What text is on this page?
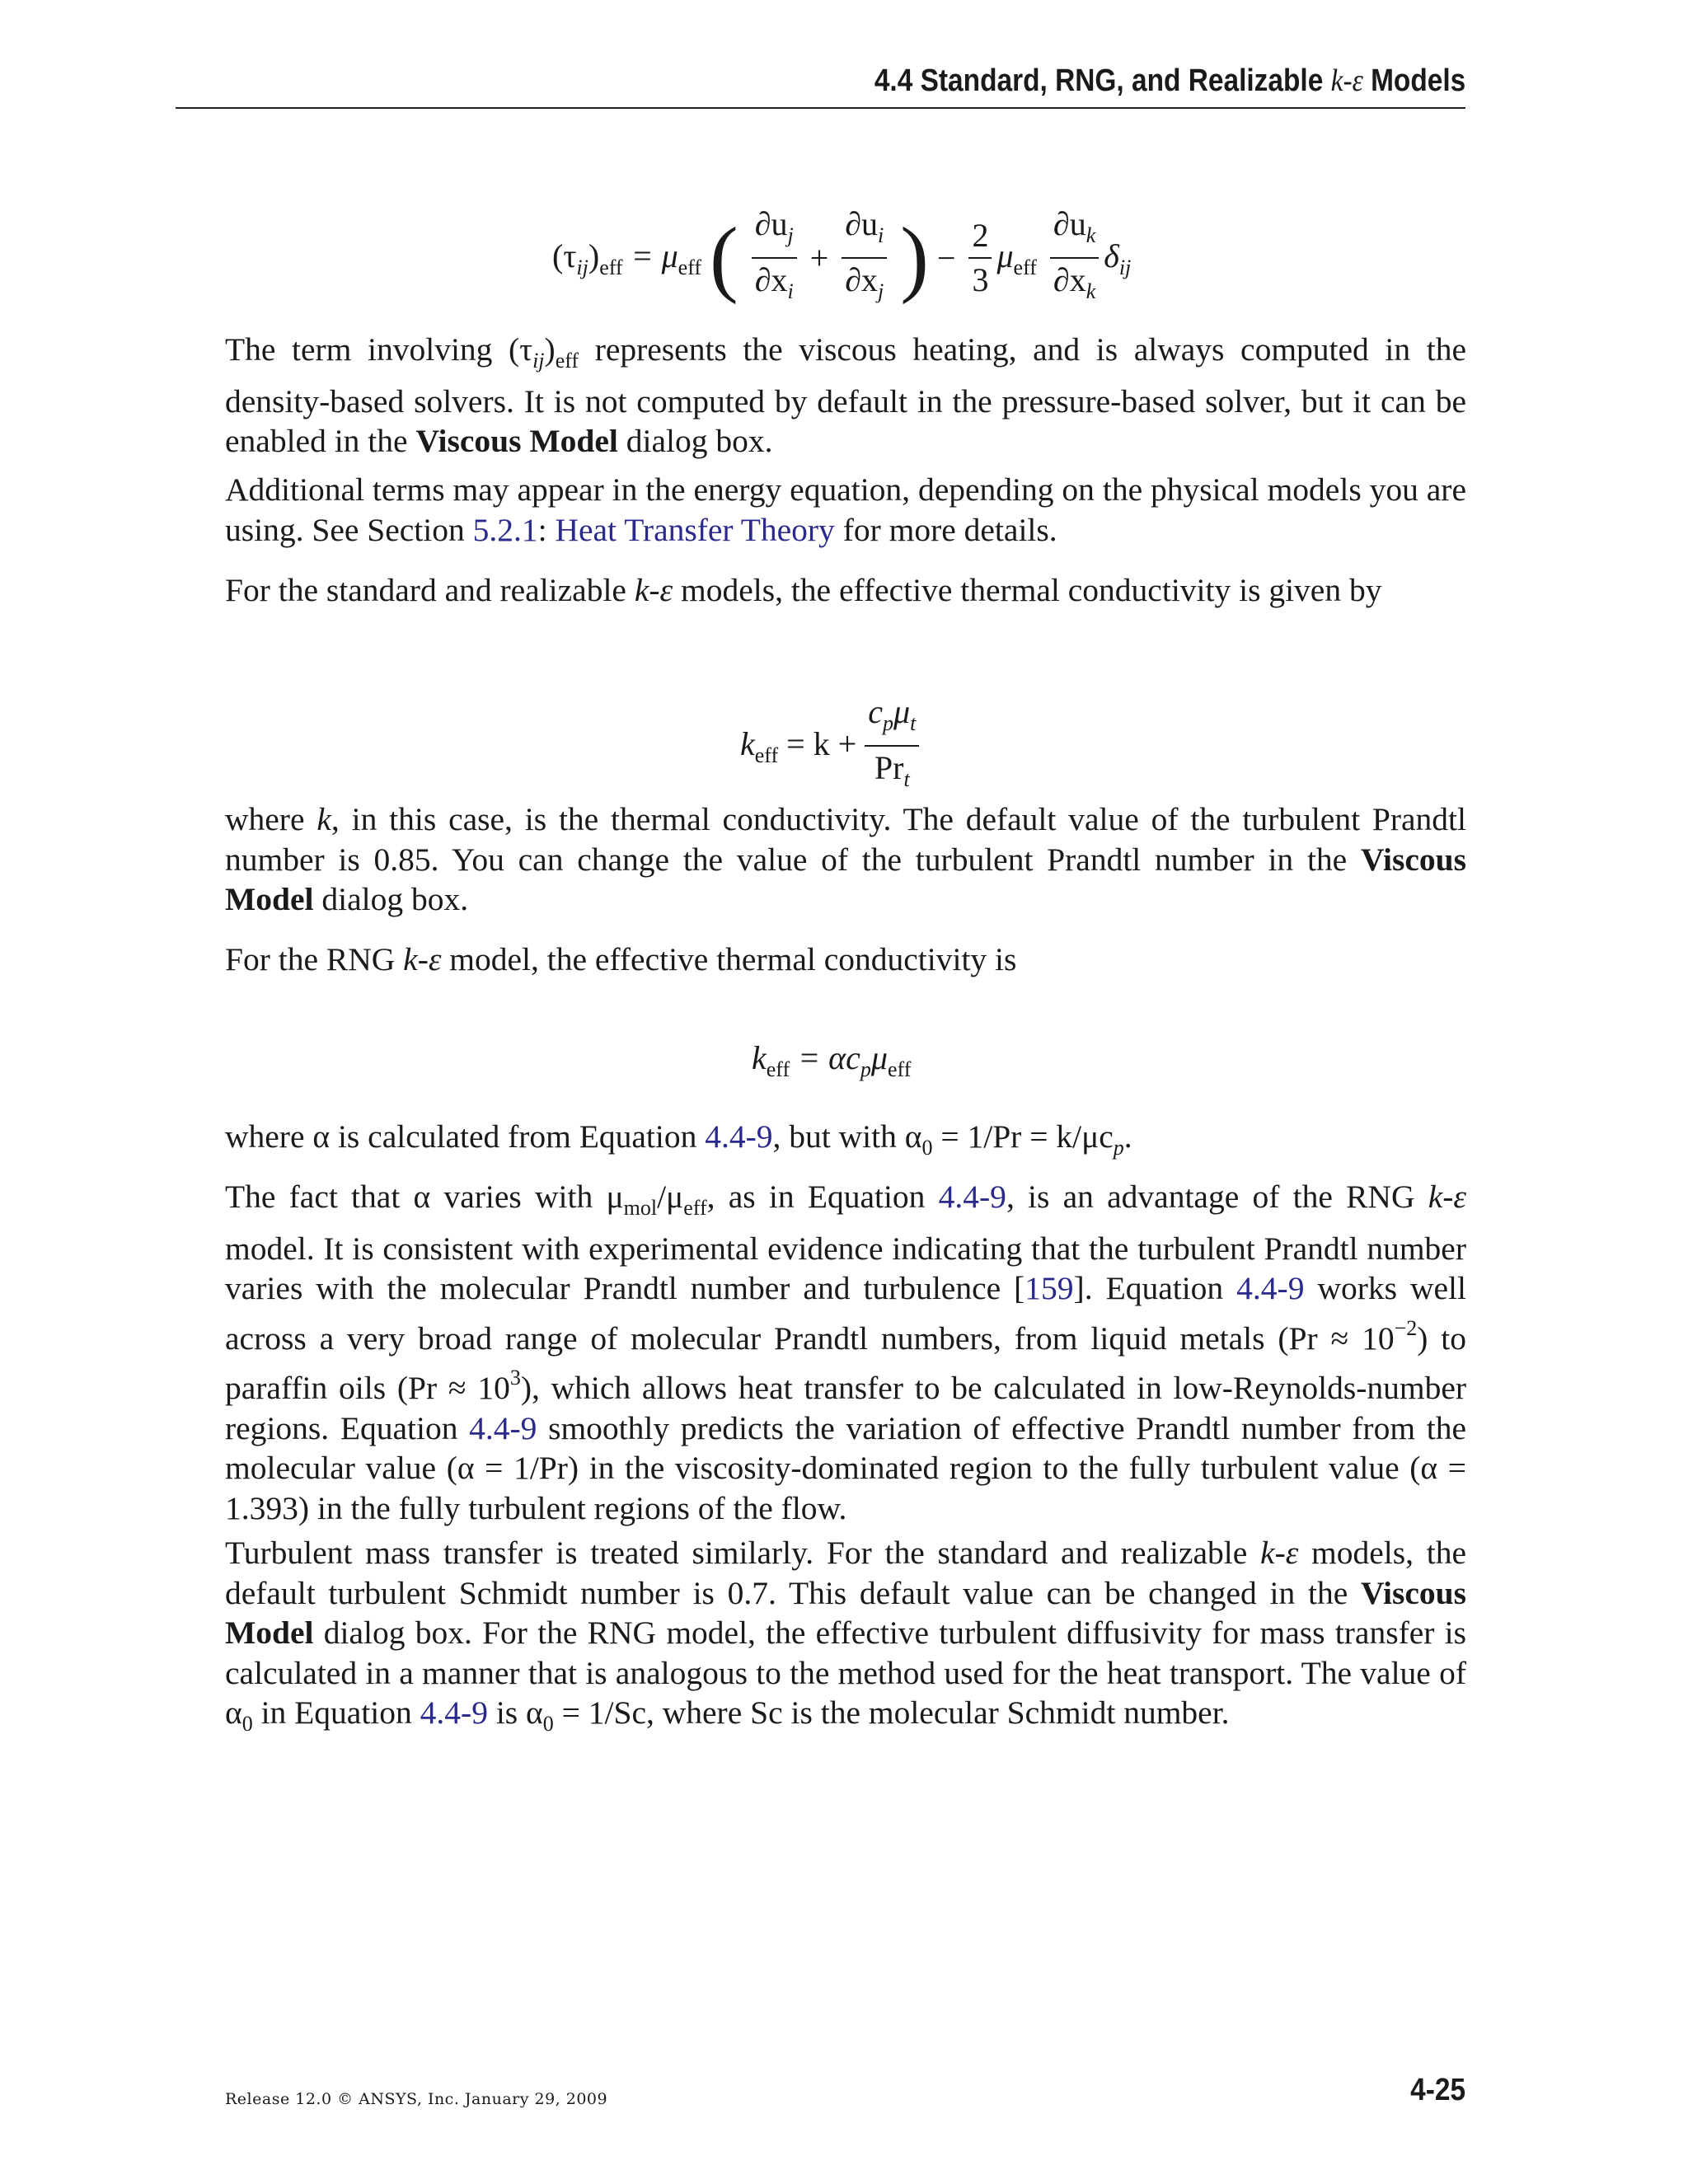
4.4 Standard, RNG, and Realizable k-ε Models
$(\tau_{ij})_{eff} = \mu_{eff}$ ( $\frac{\partial u_j}{\partial x_i} + \frac{\partial u_i}{\partial x_j}$ ) − $\frac{2}{3} \mu_{eff} \frac{\partial u_k}{\partial x_k} \delta_{ij}$

The term involving $(\tau_{ij})_{eff}$ represents the viscous heating, and is always computed in the density-based solvers. It is not computed by default in the pressure-based solver, but it can be enabled in the Viscous Model dialog box.

Additional terms may appear in the energy equation, depending on the physical models you are using. See Section 5.2.1: Heat Transfer Theory for more details.

For the standard and realizable k-ε models, the effective thermal conductivity is given by

$k_{eff} = k + \frac{c_p\mu_t}{Pr_t}$

where k, in this case, is the thermal conductivity. The default value of the turbulent Prandtl number is 0.85. You can change the value of the turbulent Prandtl number in the Viscous Model dialog box.

For the RNG k-ε model, the effective thermal conductivity is

$k_{eff} = \alpha c_p\mu_{eff}$

where α is calculated from Equation 4.4-9, but with $\alpha_0 = 1/Pr = k/\mu c_p$.

The fact that α varies with $\mu_{mol}/\mu_{eff}$, as in Equation 4.4-9, is an advantage of the RNG k-ε model. It is consistent with experimental evidence indicating that the turbulent Prandtl number varies with the molecular Prandtl number and turbulence [159]. Equation 4.4-9 works well across a very broad range of molecular Prandtl numbers, from liquid metals $(Pr \approx 10^{-2})$ to paraffin oils $(Pr \approx 10^3)$, which allows heat transfer to be calculated in low-Reynolds-number regions. Equation 4.4-9 smoothly predicts the variation of effective Prandtl number from the molecular value (α = 1/Pr) in the viscosity-dominated region to the fully turbulent value (α = 1.393) in the fully turbulent regions of the flow.

Turbulent mass transfer is treated similarly. For the standard and realizable k-ε models, the default turbulent Schmidt number is 0.7. This default value can be changed in the Viscous Model dialog box. For the RNG model, the effective turbulent diffusivity for mass transfer is calculated in a manner that is analogous to the method used for the heat transport. The value of $\alpha_0$ in Equation 4.4-9 is $\alpha_0 = 1/Sc$, where Sc is the molecular Schmidt number.

Release 12.0 © ANSYS, Inc. January 29, 2009	4-25
